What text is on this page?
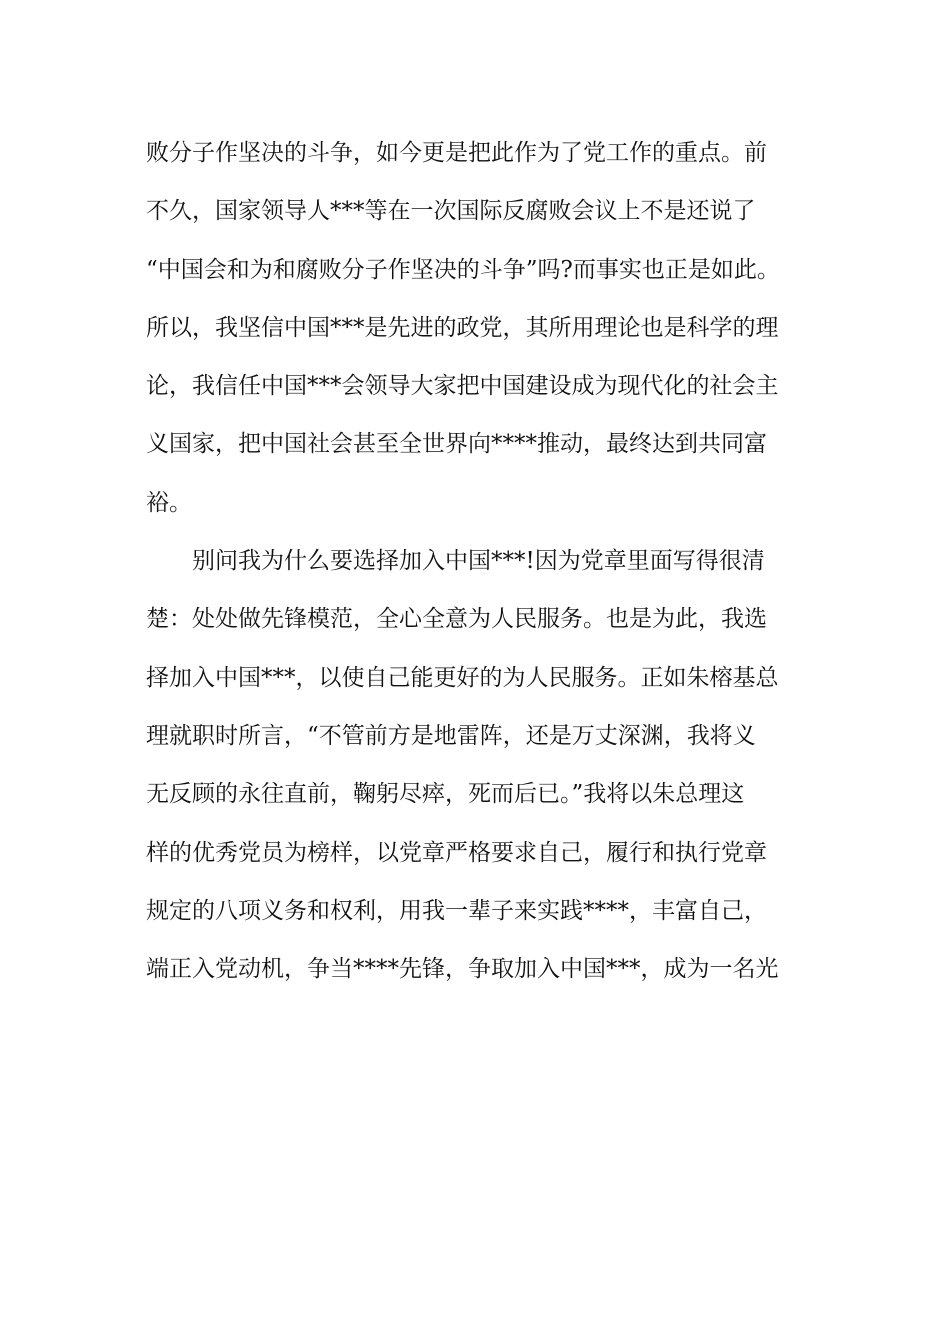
败分子作坚决的斗争，如今更是把此作为了党工作的重点。前
不久，国家领导人***等在一次国际反腐败会议上不是还说了
“中国会和为和腐败分子作坚决的斗争”吗?而事实也正是如此。
所以，我坚信中国***是先进的政党，其所用理论也是科学的理
论，我信任中国***会领导大家把中国建设成为现代化的社会主
义国家，把中国社会甚至全世界向****推动，最终达到共同富
裕。
别问我为什么要选择加入中国***!因为党章里面写得很清
楚：处处做先锋模范，全心全意为人民服务。也是为此，我选
择加入中国***，以使自己能更好的为人民服务。正如朱榕基总
理就职时所言，“不管前方是地雷阵，还是万丈深渊，我将义
无反顾的永往直前，鞠躬尽瘁，死而后已。”我将以朱总理这
样的优秀党员为榜样，以党章严格要求自己，履行和执行党章
规定的八项义务和权利，用我一辈子来实践****，丰富自己，
端正入党动机，争当****先锋，争取加入中国***，成为一名光
